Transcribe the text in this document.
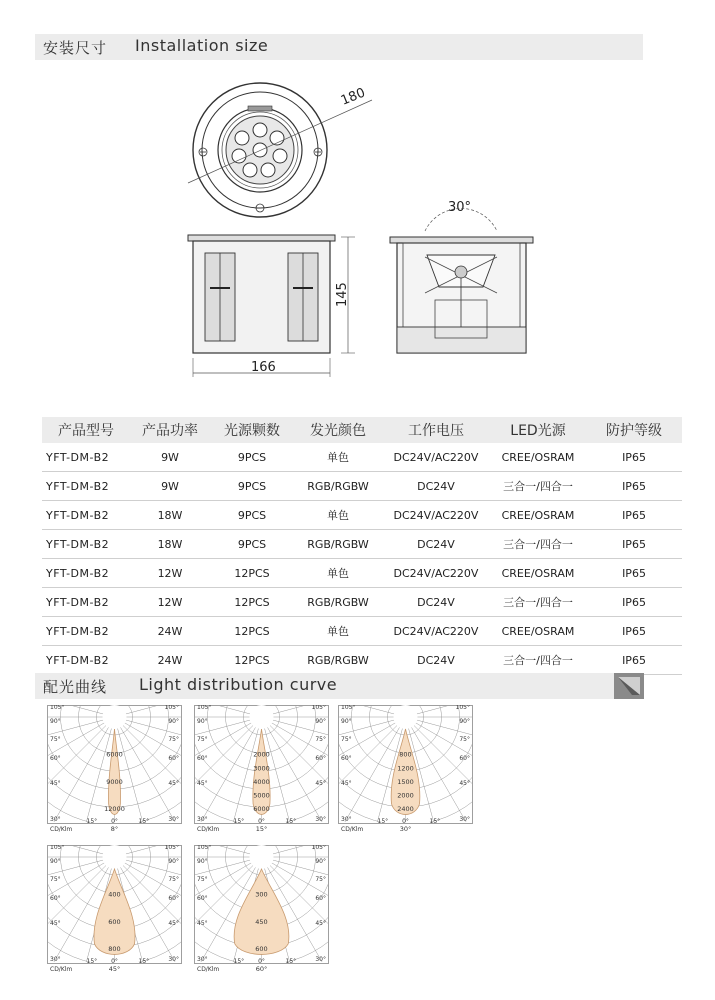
安装尺寸 Installation size
180
145
166
30°
产品型号	产品功率	光源颗数	发光颜色	工作电压	LED光源	防护等级
YFT-DM-B2	9W	9PCS	单色	DC24V/AC220V	CREE/OSRAM	IP65
YFT-DM-B2	9W	9PCS	RGB/RGBW	DC24V	三合一/四合一	IP65
YFT-DM-B2	18W	9PCS	单色	DC24V/AC220V	CREE/OSRAM	IP65
YFT-DM-B2	18W	9PCS	RGB/RGBW	DC24V	三合一/四合一	IP65
YFT-DM-B2	12W	12PCS	单色	DC24V/AC220V	CREE/OSRAM	IP65
YFT-DM-B2	12W	12PCS	RGB/RGBW	DC24V	三合一/四合一	IP65
YFT-DM-B2	24W	12PCS	单色	DC24V/AC220V	CREE/OSRAM	IP65
YFT-DM-B2	24W	12PCS	RGB/RGBW	DC24V	三合一/四合一	IP65
配光曲线 Light distribution curve
6000
9000
12000
105°	105°
90°	90°
75°	75°
60°	60°
45°	45°
30°	30°
15°	15°
0°
CD/Klm	8°
2000
3000
4000
5000
6000
105°	105°
90°	90°
75°	75°
60°	60°
45°	45°
30°	30°
15°	15°
0°
CD/Klm	15°
800
1200
1500
2000
2400
105°	105°
90°	90°
75°	75°
60°	60°
45°	45°
30°	30°
15°	15°
0°
CD/Klm	30°
400
600
800
105°	105°
90°	90°
75°	75°
60°	60°
45°	45°
30°	30°
15°	15°
0°
CD/Klm	45°
300
450
600
105°	105°
90°	90°
75°	75°
60°	60°
45°	45°
30°	30°
15°	15°
0°
CD/Klm	60°
